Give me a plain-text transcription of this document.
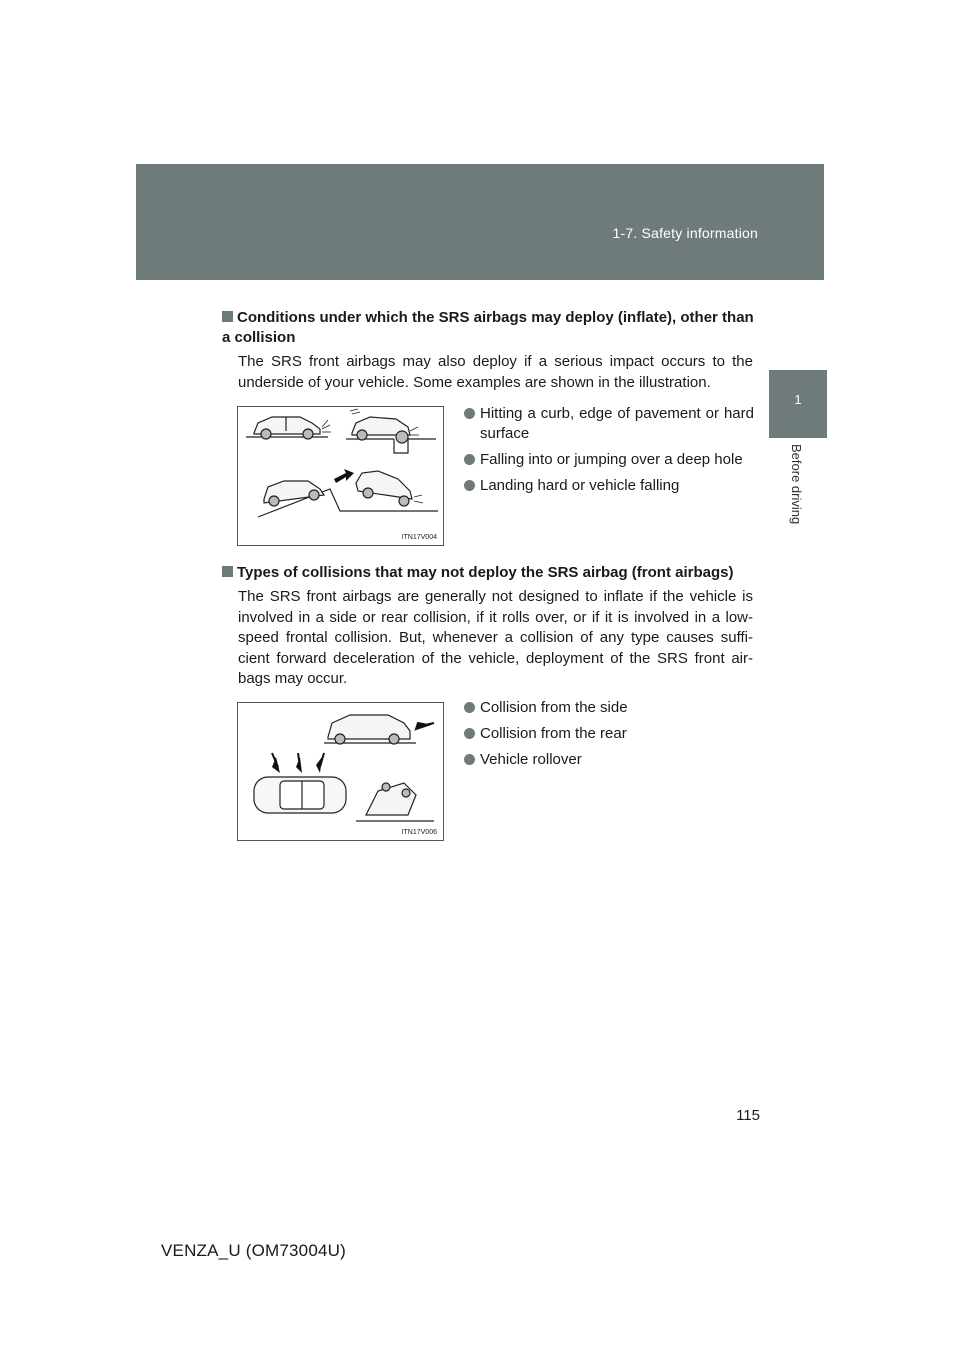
1-7. Safety information
1
Before driving
Conditions under which the SRS airbags may deploy (inflate), other than a collision
The SRS front airbags may also deploy if a serious impact occurs to the underside of your vehicle. Some examples are shown in the illustration.
ITN17V004
Hitting a curb, edge of pavement or hard surface
Falling into or jumping over a deep hole
Landing hard or vehicle falling
Types of collisions that may not deploy the SRS airbag (front airbags)
The SRS front airbags are generally not designed to inflate if the vehicle is involved in a side or rear collision, if it rolls over, or if it is involved in a low-speed frontal collision. But, whenever a collision of any type causes suffi-cient forward deceleration of the vehicle, deployment of the SRS front air-bags may occur.
ITN17V006
Collision from the side
Collision from the rear
Vehicle rollover
115
VENZA_U (OM73004U)
